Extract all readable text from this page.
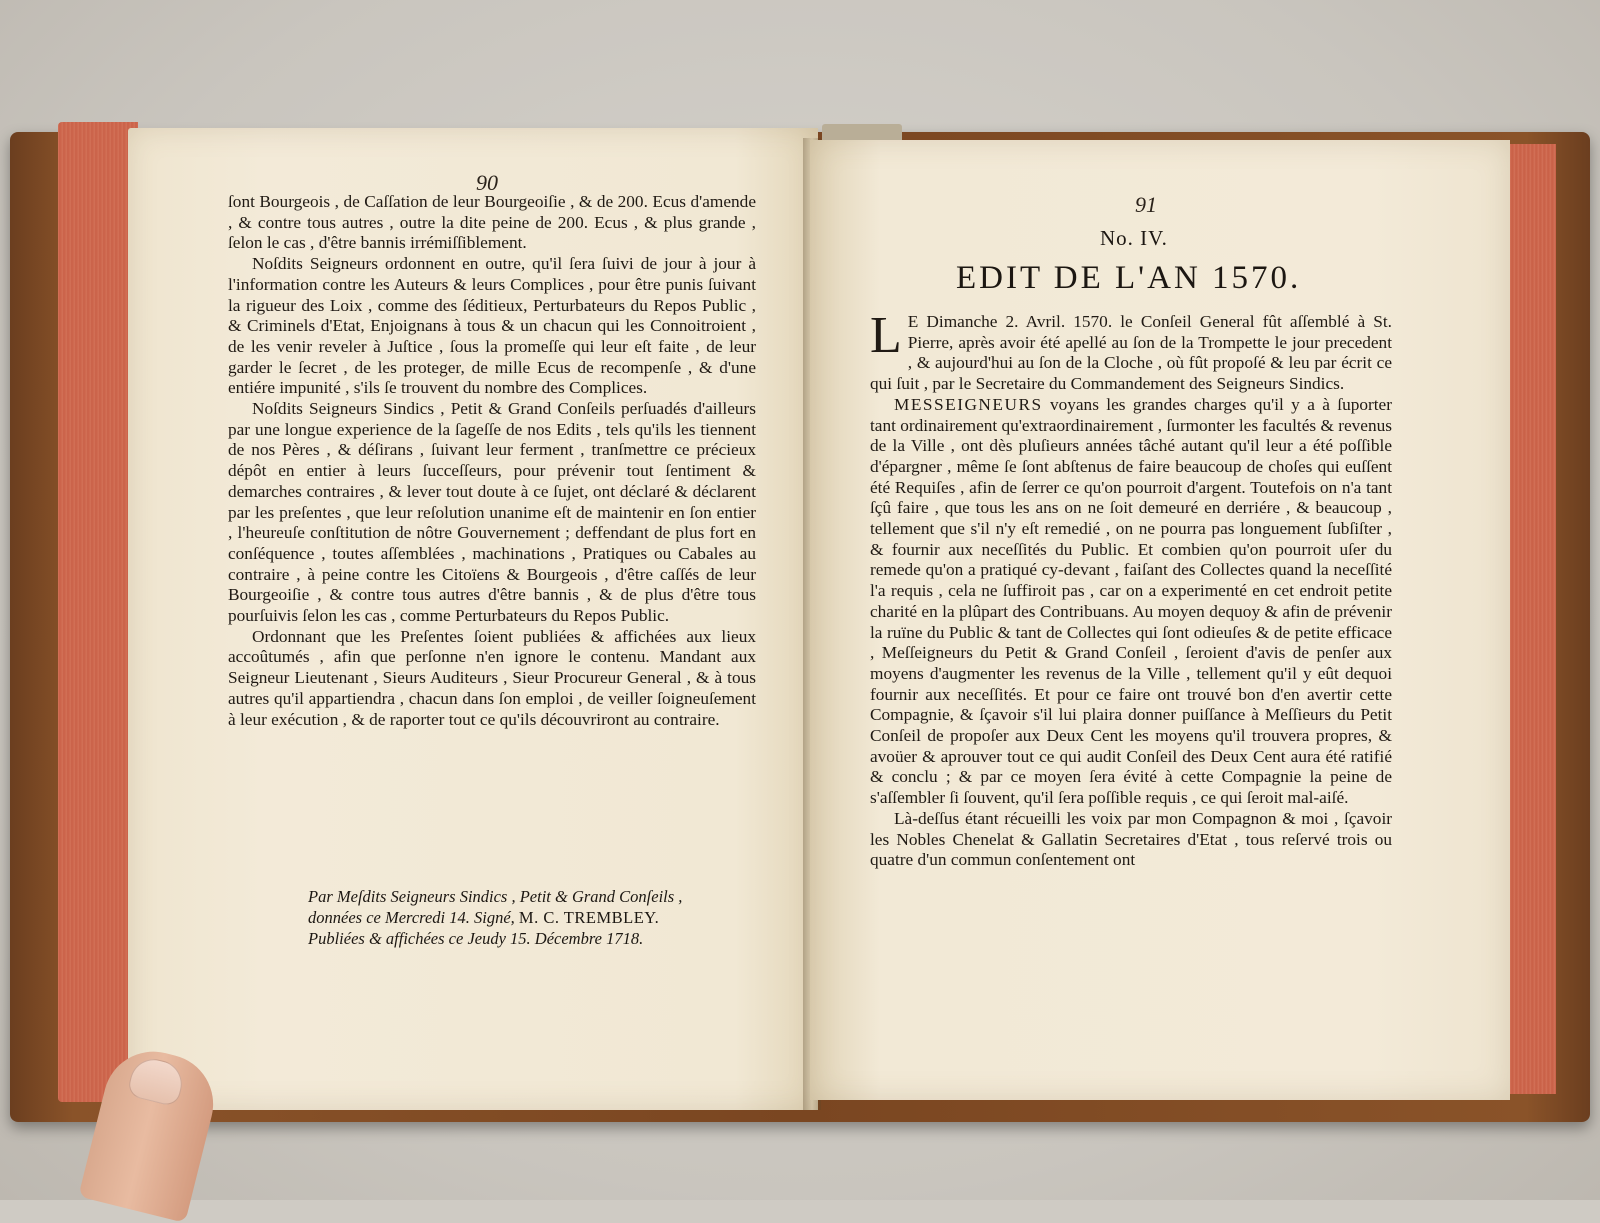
90

ſont Bourgeois , de Caſſation de leur Bourgeoiſie , & de 200. Ecus d'amende , & contre tous autres , outre la dite peine de 200. Ecus , & plus grande , ſelon le cas , d'être bannis irrémiſſiblement.

Noſdits Seigneurs ordonnent en outre, qu'il ſera ſuivi de jour à jour à l'information contre les Auteurs & leurs Complices , pour être punis ſuivant la rigueur des Loix , comme des ſéditieux, Perturbateurs du Repos Public , & Criminels d'Etat, Enjoignans à tous & un chacun qui les Connoitroient , de les venir reveler à Juſtice , ſous la promeſſe qui leur eſt faite , de leur garder le ſecret , de les proteger, de mille Ecus de recompenſe , & d'une entiére impunité , s'ils ſe trouvent du nombre des Complices.

Noſdits Seigneurs Sindics , Petit & Grand Conſeils perſuadés d'ailleurs par une longue experience de la ſageſſe de nos Edits , tels qu'ils les tiennent de nos Pères , & déſirans , ſuivant leur ferment , tranſmettre ce précieux dépôt en entier à leurs ſucceſſeurs, pour prévenir tout ſentiment & demarches contraires , & lever tout doute à ce ſujet, ont déclaré & déclarent par les preſentes , que leur reſolution unanime eſt de maintenir en ſon entier , l'heureuſe conſtitution de nôtre Gouvernement ; deffendant de plus fort en conſéquence , toutes aſſemblées , machinations , Pratiques ou Cabales au contraire , à peine contre les Citoïens & Bourgeois , d'être caſſés de leur Bourgeoiſie , & contre tous autres d'être bannis , & de plus d'être tous pourſuivis ſelon les cas , comme Perturbateurs du Repos Public.

Ordonnant que les Preſentes ſoient publiées & affichées aux lieux accoûtumés , afin que perſonne n'en ignore le contenu. Mandant aux Seigneur Lieutenant , Sieurs Auditeurs , Sieur Procureur General , & à tous autres qu'il appartiendra , chacun dans ſon emploi , de veiller ſoigneuſement à leur exécution , & de raporter tout ce qu'ils découvriront au contraire.

Par Meſdits Seigneurs Sindics , Petit & Grand Conſeils ,
données ce Mercredi 14. Signé, M. C. TREMBLEY.
Publiées & affichées ce Jeudy 15. Décembre 1718.
91
No. IV.
EDIT DE L'AN 1570.

L E Dimanche 2. Avril. 1570. le Conſeil General fût aſſemblé à St. Pierre, après avoir été apellé au ſon de la Trompette le jour precedent , & aujourd'hui au ſon de la Cloche , où fût propoſé & leu par écrit ce qui ſuit , par le Secretaire du Commandement des Seigneurs Sindics.

MESSEIGNEURS voyans les grandes charges qu'il y a à ſuporter tant ordinairement qu'extraordinairement , ſurmonter les facultés & revenus de la Ville , ont dès pluſieurs années tâché autant qu'il leur a été poſſible d'épargner , même ſe ſont abſtenus de faire beaucoup de choſes qui euſſent été Requiſes , afin de ſerrer ce qu'on pourroit d'argent. Toutefois on n'a tant ſçû faire , que tous les ans on ne ſoit demeuré en derriére , & beaucoup , tellement que s'il n'y eſt remedié , on ne pourra pas longuement ſubſiſter , & fournir aux neceſſités du Public. Et combien qu'on pourroit uſer du remede qu'on a pratiqué cy-devant , faiſant des Collectes quand la neceſſité l'a requis , cela ne ſuffiroit pas , car on a experimenté en cet endroit petite charité en la plûpart des Contribuans. Au moyen dequoy & afin de prévenir la ruïne du Public & tant de Collectes qui ſont odieuſes & de petite efficace , Meſſeigneurs du Petit & Grand Conſeil , ſeroient d'avis de penſer aux moyens d'augmenter les revenus de la Ville , tellement qu'il y eût dequoi fournir aux neceſſités. Et pour ce faire ont trouvé bon d'en avertir cette Compagnie, & ſçavoir s'il lui plaira donner puiſſance à Meſſieurs du Petit Conſeil de propoſer aux Deux Cent les moyens qu'il trouvera propres, & avoüer & aprouver tout ce qui audit Conſeil des Deux Cent aura été ratifié & conclu ; & par ce moyen ſera évité à cette Compagnie la peine de s'aſſembler ſi ſouvent, qu'il ſera poſſible requis , ce qui ſeroit mal-aiſé.

Là-deſſus étant récueilli les voix par mon Compagnon & moi , ſçavoir les Nobles Chenelat & Gallatin Secretaires d'Etat , tous reſervé trois ou quatre d'un commun conſentement ont
